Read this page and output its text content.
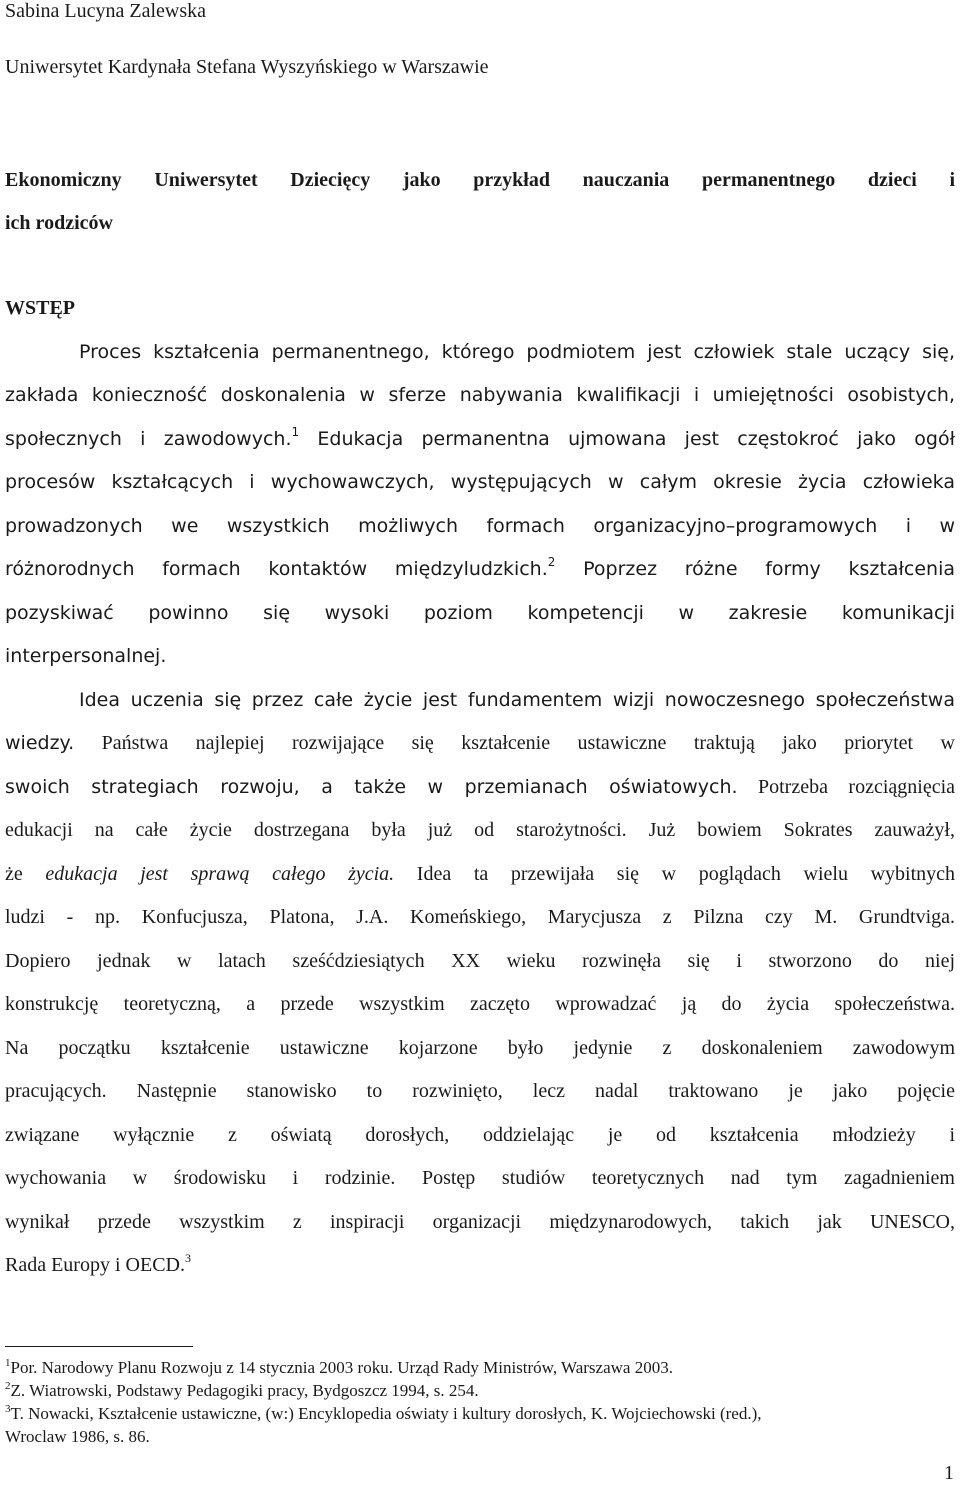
Sabina Lucyna Zalewska
Uniwersytet Kardynała Stefana Wyszyńskiego w Warszawie
Ekonomiczny Uniwersytet Dziecięcy jako przykład nauczania permanentnego dzieci i
ich rodziców
WSTĘP
Proces kształcenia permanentnego, którego podmiotem jest człowiek stale uczący się,
zakłada konieczność doskonalenia w sferze nabywania kwalifikacji i umiejętności osobistych,
społecznych i zawodowych.$^1$ Edukacja permanentna ujmowana jest częstokroć jako ogół
procesów kształcących i wychowawczych, występujących w całym okresie życia człowieka
prowadzonych we wszystkich możliwych formach organizacyjno–programowych i w
różnorodnych formach kontaktów międzyludzkich.$^2$ Poprzez różne formy kształcenia
pozyskiwać powinno się wysoki poziom kompetencji w zakresie komunikacji
interpersonalnej.
Idea uczenia się przez całe życie jest fundamentem wizji nowoczesnego społeczeństwa
wiedzy. Państwa najlepiej rozwijające się kształcenie ustawiczne traktują jako priorytet w
swoich strategiach rozwoju, a także w przemianach oświatowych. Potrzeba rozciągnięcia
edukacji na całe życie dostrzegana była już od starożytności. Już bowiem Sokrates zauważył,
że edukacja jest sprawą całego życia. Idea ta przewijała się w poglądach wielu wybitnych
ludzi - np. Konfucjusza, Platona, J.A. Komeńskiego, Marycjusza z Pilzna czy M. Grundtviga.
Dopiero jednak w latach sześćdziesiątych XX wieku rozwinęła się i stworzono do niej
konstrukcję teoretyczną, a przede wszystkim zaczęto wprowadzać ją do życia społeczeństwa.
Na początku kształcenie ustawiczne kojarzone było jedynie z doskonaleniem zawodowym
pracujących. Następnie stanowisko to rozwinięto, lecz nadal traktowano je jako pojęcie
związane wyłącznie z oświatą dorosłych, oddzielając je od kształcenia młodzieży i
wychowania w środowisku i rodzinie. Postęp studiów teoretycznych nad tym zagadnieniem
wynikał przede wszystkim z inspiracji organizacji międzynarodowych, takich jak UNESCO,
Rada Europy i OECD.$^3$
$^1$Por. Narodowy Planu Rozwoju z 14 stycznia 2003 roku. Urząd Rady Ministrów, Warszawa 2003.
$^2$Z. Wiatrowski, Podstawy Pedagogiki pracy, Bydgoszcz 1994, s. 254.
$^3$T. Nowacki, Kształcenie ustawiczne, (w:) Encyklopedia oświaty i kultury dorosłych, K. Wojciechowski (red.),
Wroclaw 1986, s. 86.
1
